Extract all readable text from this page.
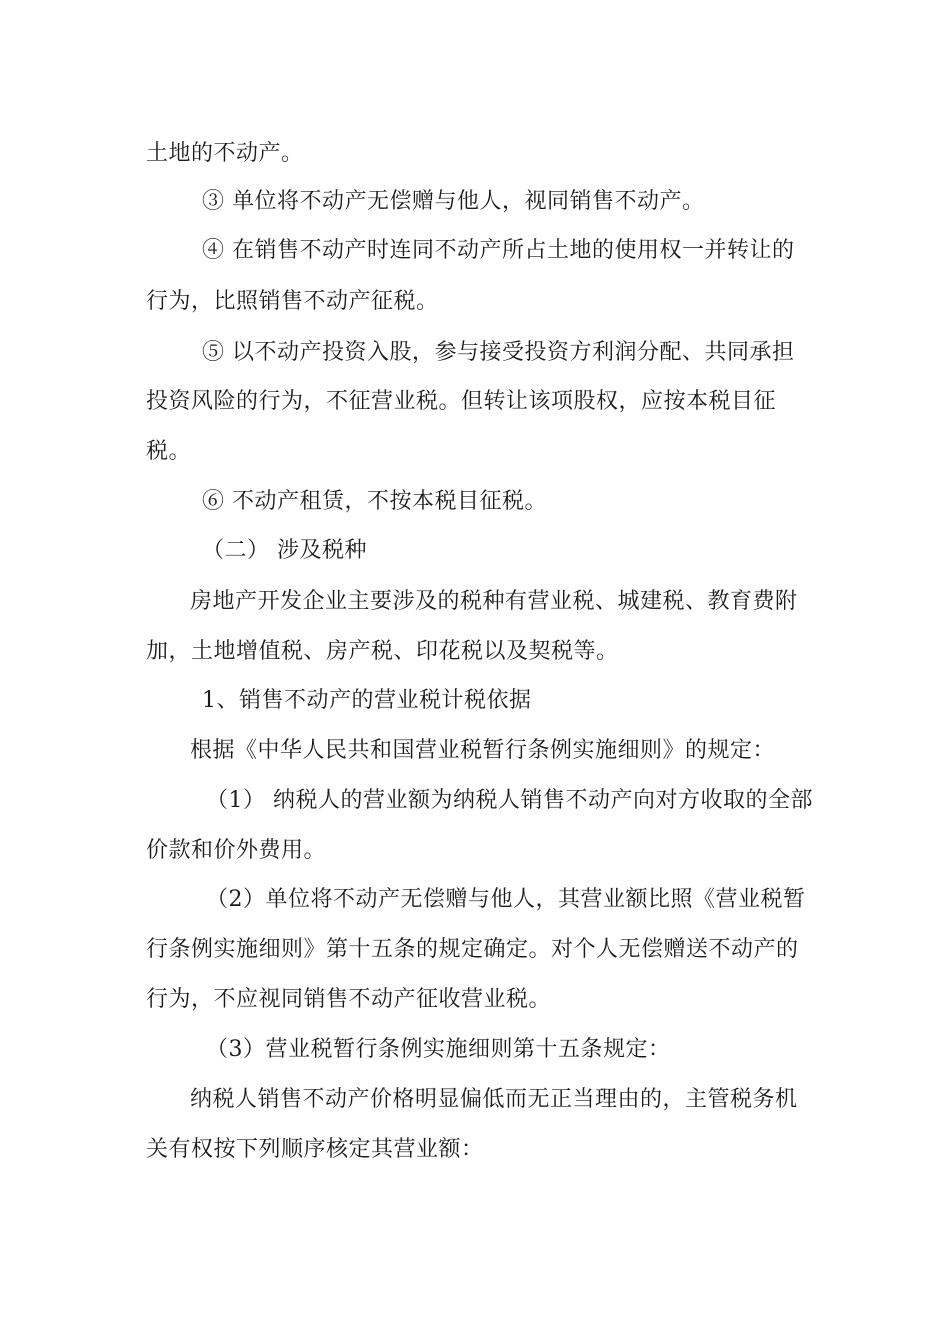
土地的不动产。
③ 单位将不动产无偿赠与他人，视同销售不动产。
④ 在销售不动产时连同不动产所占土地的使用权一并转让的
行为，比照销售不动产征税。
⑤ 以不动产投资入股，参与接受投资方利润分配、共同承担
投资风险的行为，不征营业税。但转让该项股权，应按本税目征
税。
⑥ 不动产租赁，不按本税目征税。
（二） 涉及税种
房地产开发企业主要涉及的税种有营业税、城建税、教育费附
加，土地增值税、房产税、印花税以及契税等。
1、销售不动产的营业税计税依据
根据《中华人民共和国营业税暂行条例实施细则》的规定：
（1） 纳税人的营业额为纳税人销售不动产向对方收取的全部
价款和价外费用。
（2）单位将不动产无偿赠与他人，其营业额比照《营业税暂
行条例实施细则》第十五条的规定确定。对个人无偿赠送不动产的
行为，不应视同销售不动产征收营业税。
（3）营业税暂行条例实施细则第十五条规定：
纳税人销售不动产价格明显偏低而无正当理由的，主管税务机
关有权按下列顺序核定其营业额：
